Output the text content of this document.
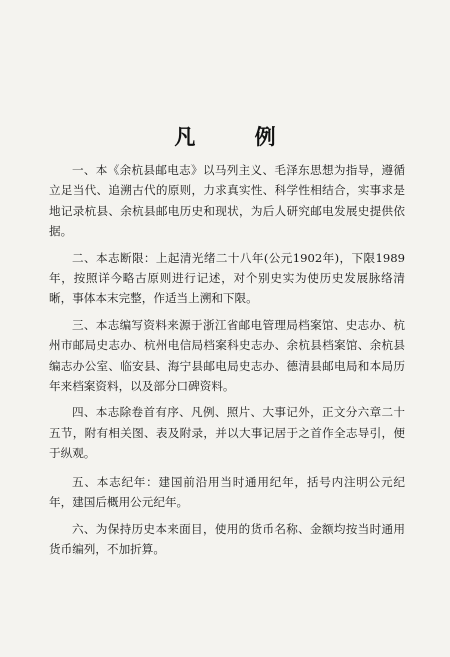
凡 例

一、本《余杭县邮电志》以马列主义、毛泽东思想为指导，遵循立足当代、追溯古代的原则，力求真实性、科学性相结合，实事求是地记录杭县、余杭县邮电历史和现状，为后人研究邮电发展史提供依据。

二、本志断限：上起清光绪二十八年(公元1902年)，下限1989年，按照详今略古原则进行记述，对个别史实为使历史发展脉络清晰，事体本末完整，作适当上溯和下限。

三、本志编写资料来源于浙江省邮电管理局档案馆、史志办、杭州市邮局史志办、杭州电信局档案科史志办、余杭县档案馆、余杭县编志办公室、临安县、海宁县邮电局史志办、德清县邮电局和本局历年来档案资料，以及部分口碑资料。

四、本志除卷首有序、凡例、照片、大事记外，正文分六章二十五节，附有相关图、表及附录，并以大事记居于之首作全志导引，便于纵观。

五、本志纪年：建国前沿用当时通用纪年，括号内注明公元纪年，建国后概用公元纪年。

六、为保持历史本来面目，使用的货币名称、金额均按当时通用货币编列，不加折算。
